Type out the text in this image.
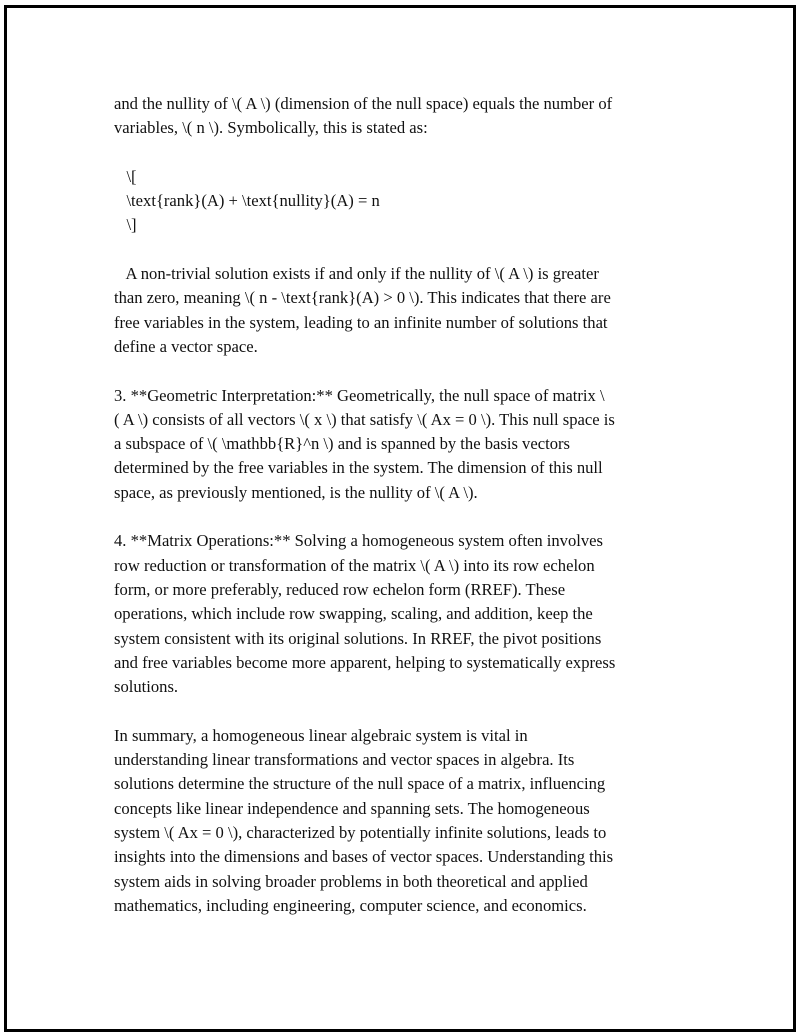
and the nullity of \( A \) (dimension of the null space) equals the number of
variables, \( n \). Symbolically, this is stated as:
\[
\text{rank}(A) + \text{nullity}(A) = n
\]
A non-trivial solution exists if and only if the nullity of \( A \) is greater
than zero, meaning \( n - \text{rank}(A) > 0 \). This indicates that there are
free variables in the system, leading to an infinite number of solutions that
define a vector space.
3. **Geometric Interpretation:** Geometrically, the null space of matrix \
( A \) consists of all vectors \( x \) that satisfy \( Ax = 0 \). This null space is
a subspace of \( \mathbb{R}^n \) and is spanned by the basis vectors
determined by the free variables in the system. The dimension of this null
space, as previously mentioned, is the nullity of \( A \).
4. **Matrix Operations:** Solving a homogeneous system often involves
row reduction or transformation of the matrix \( A \) into its row echelon
form, or more preferably, reduced row echelon form (RREF). These
operations, which include row swapping, scaling, and addition, keep the
system consistent with its original solutions. In RREF, the pivot positions
and free variables become more apparent, helping to systematically express
solutions.
In summary, a homogeneous linear algebraic system is vital in
understanding linear transformations and vector spaces in algebra. Its
solutions determine the structure of the null space of a matrix, influencing
concepts like linear independence and spanning sets. The homogeneous
system \( Ax = 0 \), characterized by potentially infinite solutions, leads to
insights into the dimensions and bases of vector spaces. Understanding this
system aids in solving broader problems in both theoretical and applied
mathematics, including engineering, computer science, and economics.
